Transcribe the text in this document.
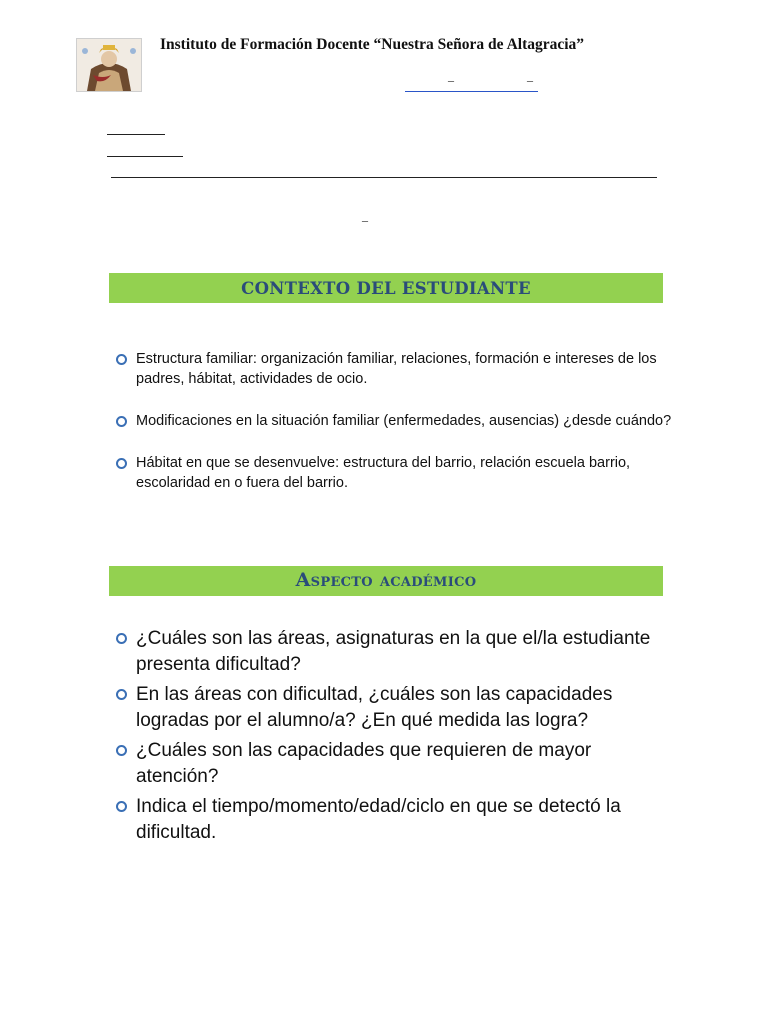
Instituto de Formación Docente “Nuestra Señora de Altagracia”
_	_
_
CONTEXTO DEL ESTUDIANTE
Estructura familiar: organización familiar, relaciones, formación e intereses de los padres, hábitat, actividades de ocio.
Modificaciones en la situación familiar (enfermedades, ausencias) ¿desde cuándo?
Hábitat en que se desenvuelve: estructura del barrio, relación escuela barrio, escolaridad en o fuera del barrio.
Aspecto académico
¿Cuáles son las áreas, asignaturas en la que el/la estudiante presenta dificultad?
En las áreas con dificultad, ¿cuáles son las capacidades logradas por el alumno/a? ¿En qué medida las logra?
¿Cuáles son las capacidades que requieren de mayor atención?
Indica el tiempo/momento/edad/ciclo en que se detectó la dificultad.
